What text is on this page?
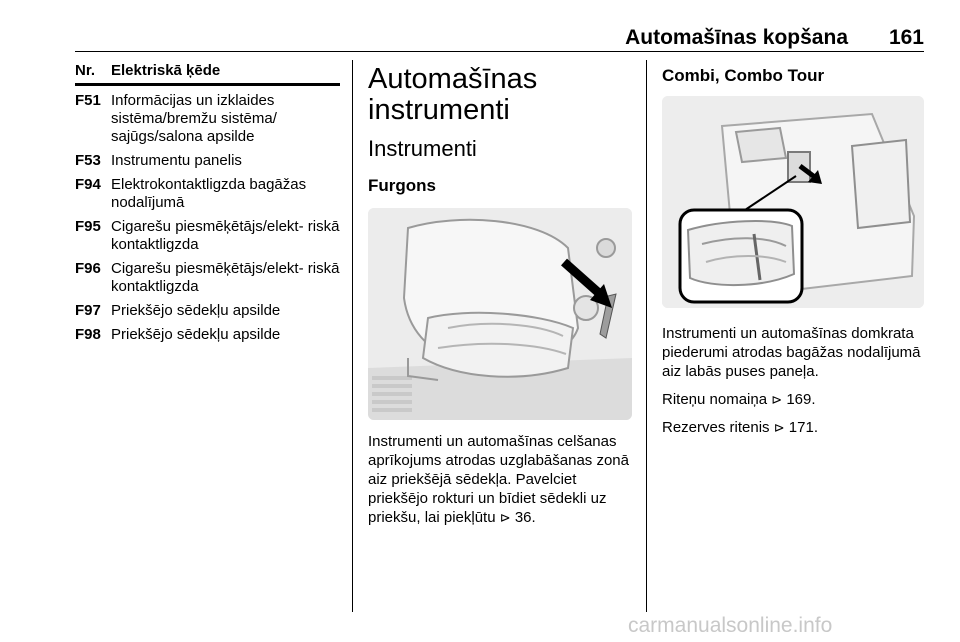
Automašīnas kopšana 161
Nr.	Elektriskā ķēde
F51 Informācijas un izklaides sistēma/bremžu sistēma/ sajūgs/salona apsilde
F53 Instrumentu panelis
F94 Elektrokontaktligzda bagāžas nodalījumā
F95 Cigarešu piesmēķētājs/elekt‐ riskā kontaktligzda
F96 Cigarešu piesmēķētājs/elekt‐ riskā kontaktligzda
F97 Priekšējo sēdekļu apsilde
F98 Priekšējo sēdekļu apsilde
Automašīnas
instrumenti
Instrumenti
Furgons

Instrumenti un automašīnas celšanas aprīkojums atrodas uzglabāšanas zonā aiz priekšējā sēdekļa. Pavelciet priekšējo rokturi un bīdiet sēdekli uz priekšu, lai piekļūtu ⊳ 36.

Combi, Combo Tour

Instrumenti un automašīnas domkrata piederumi atrodas bagāžas nodalījumā aiz labās puses paneļa.

Riteņu nomaiņa ⊳ 169.

Rezerves ritenis ⊳ 171.

carmanualsonline.info
